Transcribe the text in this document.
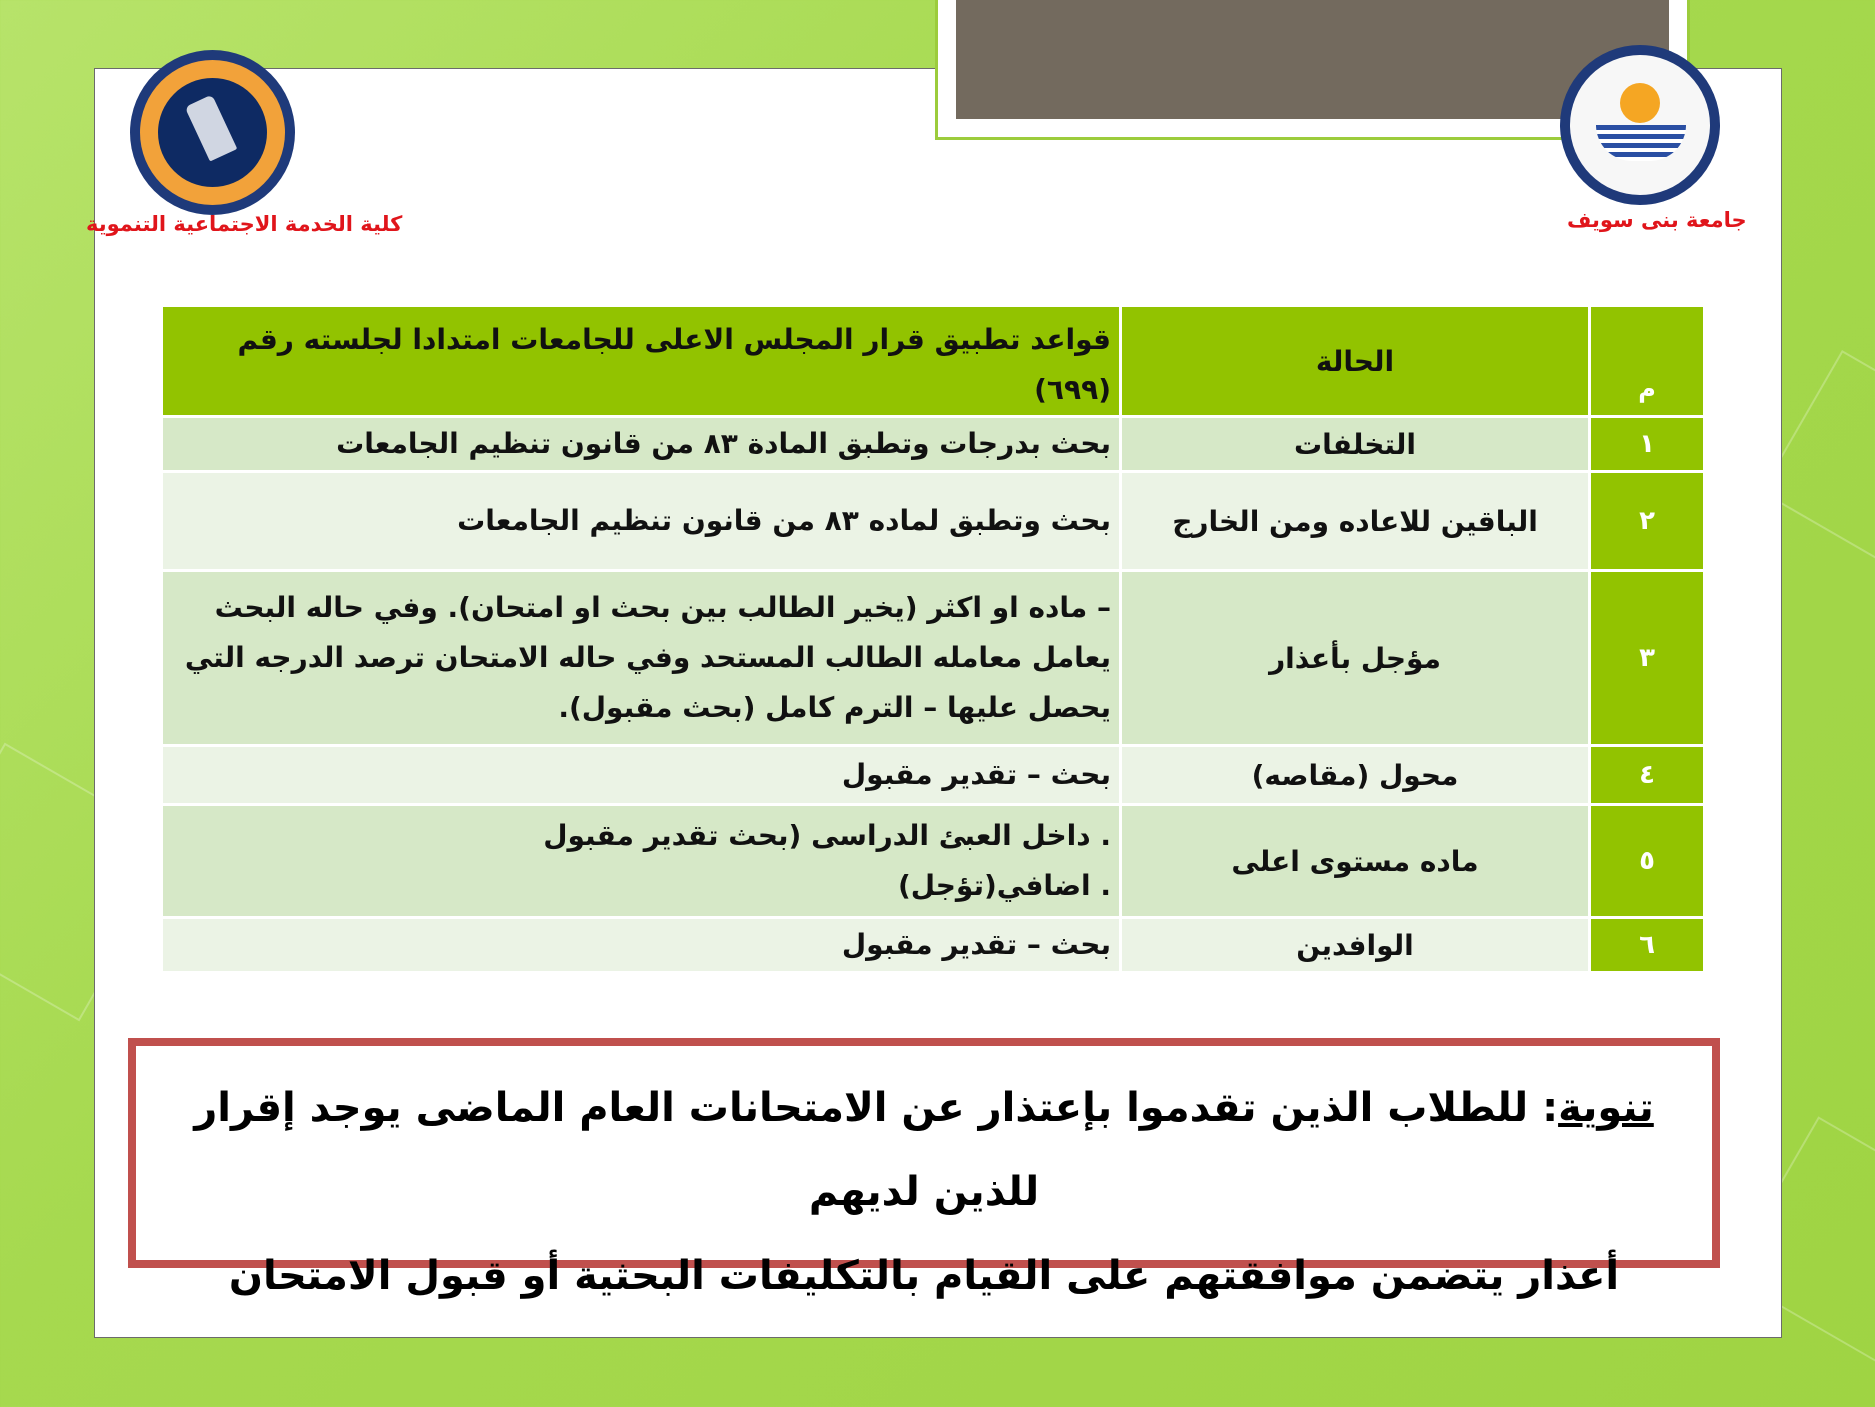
كلية الخدمة الاجتماعية التنموية	جامعة بنى سويف
م	الحالة	قواعد تطبيق قرار المجلس الاعلى للجامعات امتدادا لجلسته رقم (٦٩٩)
١	التخلفات	بحث بدرجات وتطبق المادة ٨٣ من قانون تنظيم الجامعات
٢	الباقين للاعاده ومن الخارج	بحث وتطبق لماده ٨٣ من قانون تنظيم الجامعات
٣	مؤجل بأعذار	– ماده او اكثر (يخير الطالب بين بحث او امتحان). وفي حاله البحث
يعامل معامله الطالب المستحد وفي حاله الامتحان ترصد الدرجه التي
يحصل عليها – الترم كامل (بحث مقبول).

٤	محول (مقاصه)	بحث – تقدير مقبول
٥	ماده مستوى اعلى	. داخل العبئ الدراسى (بحث تقدير مقبول
. اضافي(تؤجل)

٦	الوافدين	بحث – تقدير مقبول
تنوية: للطلاب الذين تقدموا بإعتذار عن الامتحانات العام الماضى يوجد إقرار للذين لديهم
أعذار يتضمن موافقتهم على القيام بالتكليفات البحثية أو قبول الامتحان
